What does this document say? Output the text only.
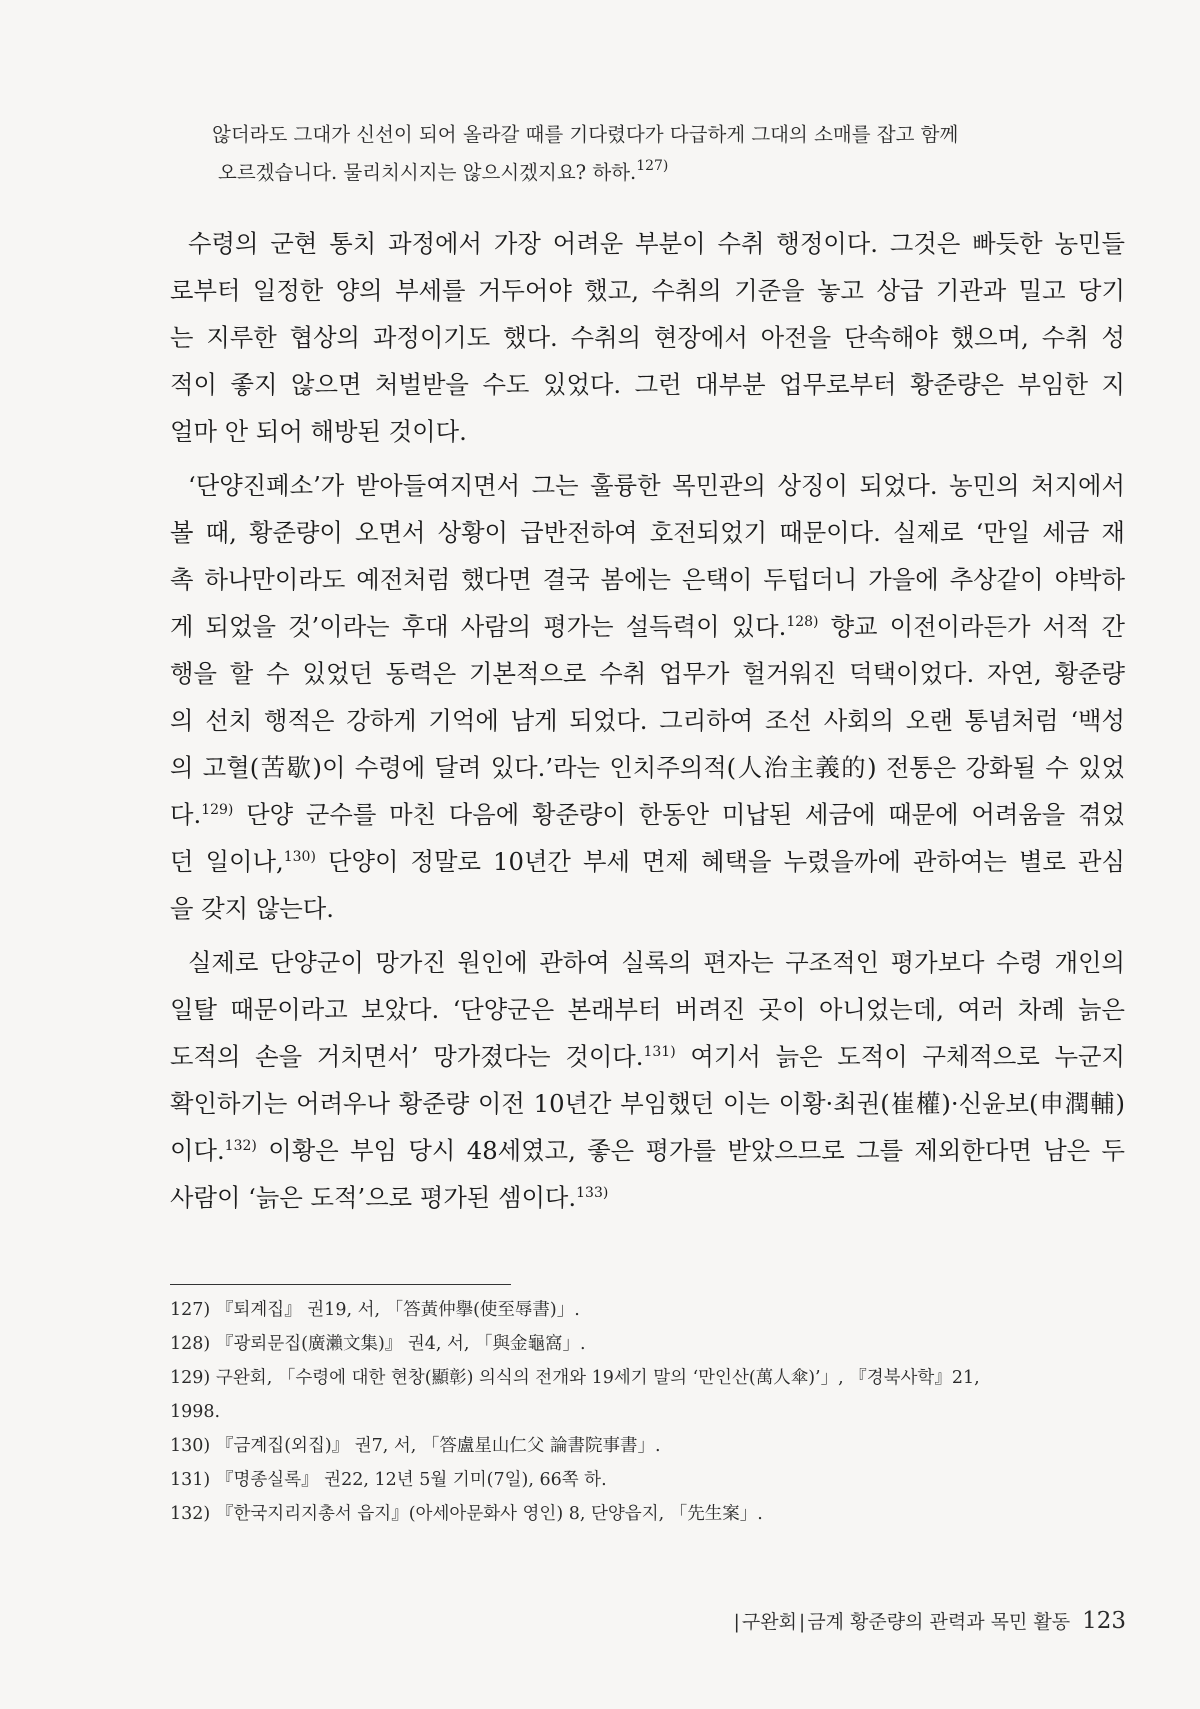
않더라도 그대가 신선이 되어 올라갈 때를 기다렸다가 다급하게 그대의 소매를 잡고 함께

오르겠습니다. 물리치시지는 않으시겠지요? 하하.$^{127)}$

수령의 군현 통치 과정에서 가장 어려운 부분이 수취 행정이다. 그것은 빠듯한 농민들
로부터 일정한 양의 부세를 거두어야 했고, 수취의 기준을 놓고 상급 기관과 밀고 당기
는 지루한 협상의 과정이기도 했다. 수취의 현장에서 아전을 단속해야 했으며, 수취 성
적이 좋지 않으면 처벌받을 수도 있었다. 그런 대부분 업무로부터 황준량은 부임한 지
얼마 안 되어 해방된 것이다.
‘단양진폐소’가 받아들여지면서 그는 훌륭한 목민관의 상징이 되었다. 농민의 처지에서
볼 때, 황준량이 오면서 상황이 급반전하여 호전되었기 때문이다. 실제로 ‘만일 세금 재
촉 하나만이라도 예전처럼 했다면 결국 봄에는 은택이 두텁더니 가을에 추상같이 야박하
게 되었을 것’이라는 후대 사람의 평가는 설득력이 있다.$^{128)}$ 향교 이전이라든가 서적 간
행을 할 수 있었던 동력은 기본적으로 수취 업무가 헐거워진 덕택이었다. 자연, 황준량
의 선치 행적은 강하게 기억에 남게 되었다. 그리하여 조선 사회의 오랜 통념처럼 ‘백성
의 고혈(苦歇)이 수령에 달려 있다.’라는 인치주의적(人治主義的) 전통은 강화될 수 있었
다.$^{129)}$ 단양 군수를 마친 다음에 황준량이 한동안 미납된 세금에 때문에 어려움을 겪었
던 일이나,$^{130)}$ 단양이 정말로 10년간 부세 면제 혜택을 누렸을까에 관하여는 별로 관심
을 갖지 않는다.
실제로 단양군이 망가진 원인에 관하여 실록의 편자는 구조적인 평가보다 수령 개인의
일탈 때문이라고 보았다. ‘단양군은 본래부터 버려진 곳이 아니었는데, 여러 차례 늙은
도적의 손을 거치면서’ 망가졌다는 것이다.$^{131)}$ 여기서 늙은 도적이 구체적으로 누군지
확인하기는 어려우나 황준량 이전 10년간 부임했던 이는 이황·최권(崔權)·신윤보(申潤輔)
이다.$^{132)}$ 이황은 부임 당시 48세였고, 좋은 평가를 받았으므로 그를 제외한다면 남은 두
사람이 ‘늙은 도적’으로 평가된 셈이다.$^{133)}$
127) 『퇴계집』 권19, 서, 「答黃仲擧(使至辱書)」.
128) 『광뢰문집(廣瀨文集)』 권4, 서, 「與金龜窩」.
129) 구완회, 「수령에 대한 현창(顯彰) 의식의 전개와 19세기 말의 ‘만인산(萬人傘)’」, 『경북사학』21,
1998.
130) 『금계집(외집)』 권7, 서, 「答盧星山仁父 論書院事書」.
131) 『명종실록』 권22, 12년 5월 기미(7일), 66쪽 하.
132) 『한국지리지총서 읍지』(아세아문화사 영인) 8, 단양읍지, 「先生案」.
| 구완회 | 금계 황준량의 관력과 목민 활동 123
